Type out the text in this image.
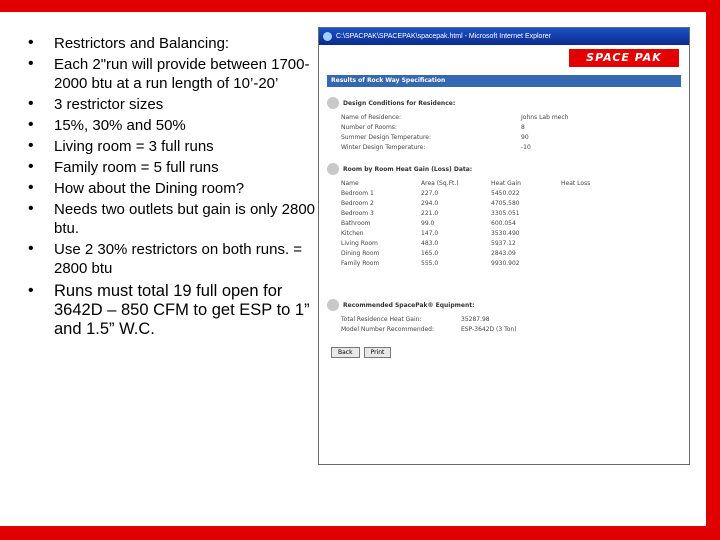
• Restrictors and Balancing:
• Each 2"run will provide between 1700-2000 btu at a run length of 10’-20’
• 3 restrictor sizes
• 15%, 30% and 50%
• Living room = 3 full runs
• Family room = 5 full runs
• How about the Dining room?
• Needs two outlets but gain is only 2800 btu.
• Use 2 30% restrictors on both runs. = 2800 btu
• Runs must total 19 full open for 3642D – 850 CFM to get ESP to 1” and 1.5” W.C.
C:\SPACPAK\SPACEPAK\spacepak.html - Microsoft Internet Explorer
SPACE PAK
Results of Rock Way Specification
Design Conditions for Residence:
Name of Residence:	Johns Lab mech
Number of Rooms:	8
Summer Design Temperature:	90
Winter Design Temperature:	-10
Room by Room Heat Gain (Loss) Data:
Name	Area (Sq.Ft.)	Heat Gain	Heat Loss
Bedroom 1	227.0	5450.022
Bedroom 2	294.0	4705.580
Bedroom 3	221.0	3305.051
Bathroom	99.0	600.054
Kitchen	147.0	3530.490
Living Room	483.0	5937.12
Dining Room	165.0	2843.09
Family Room	555.0	9930.902
Recommended SpacePak® Equipment:
Total Residence Heat Gain:	35287.98
Model Number Recommended:	ESP-3642D (3 Ton)
Back	Print
